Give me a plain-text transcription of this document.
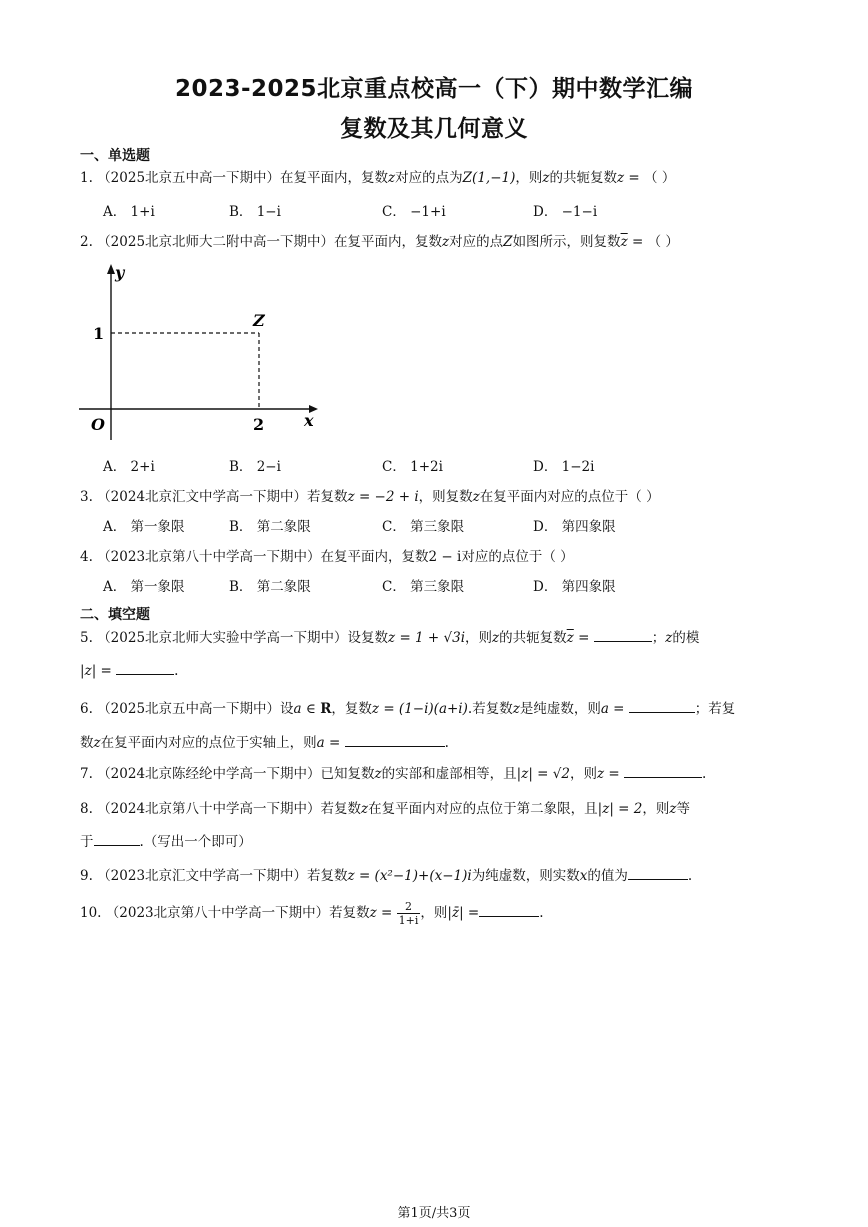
2023-2025北京重点校高一（下）期中数学汇编
复数及其几何意义
一、单选题
1. （2025北京五中高一下期中）在复平面内，复数z对应的点为Z(1,−1)，则z的共轭复数z = （ ）
A． 1+i	B． 1−i	C． −1+i	D． −1−i
2. （2025北京北师大二附中高一下期中）在复平面内，复数z对应的点Z如图所示，则复数$\overline{z}$ = （ ）
y
x
O
Z
2
1
A． 2+i	B． 2−i	C． 1+2i	D． 1−2i
3. （2024北京汇文中学高一下期中）若复数z = −2 + i，则复数z在复平面内对应的点位于（ ）
A． 第一象限	B． 第二象限	C． 第三象限	D． 第四象限
4. （2023北京第八十中学高一下期中）在复平面内，复数2 − i对应的点位于（ ）
A． 第一象限	B． 第二象限	C． 第三象限	D． 第四象限
二、填空题
5. （2025北京北师大实验中学高一下期中）设复数z = 1 + √3i，则z的共轭复数$\overline{z}$ =	；z的模
|z| =	.
6. （2025北京五中高一下期中）设a ∈ R，复数z = (1−i)(a+i).若复数z是纯虚数，则a =	；若复
数z在复平面内对应的点位于实轴上，则a =	.
7. （2024北京陈经纶中学高一下期中）已知复数z的实部和虚部相等，且|z| = √2，则z =	.
8. （2024北京第八十中学高一下期中）若复数z在复平面内对应的点位于第二象限，且|z| = 2，则z等
于	.（写出一个即可）
9. （2023北京汇文中学高一下期中）若复数z = (x²−1)+(x−1)i为纯虚数，则实数x的值为	.
10. （2023北京第八十中学高一下期中）若复数$z = \frac{2}{1+i}$ ，则|z̄| =	.
第1页/共3页
